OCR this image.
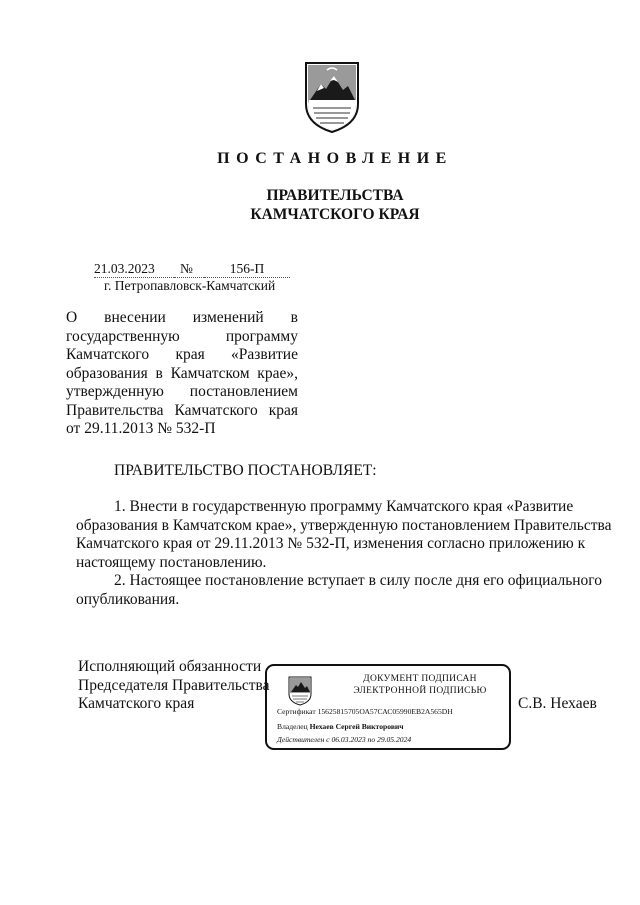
ПОСТАНОВЛЕНИЕ
ПРАВИТЕЛЬСТВА
КАМЧАТСКОГО КРАЯ
21.03.2023 №	156-П
г. Петропавловск-Камчатский
О внесении изменений в
государственную	программу
Камчатского края «Развитие
образования в Камчатском крае»,
утвержденную постановлением
Правительства Камчатского края
от 29.11.2013 № 532-П
ПРАВИТЕЛЬСТВО ПОСТАНОВЛЯЕТ:
1. Внести в государственную программу Камчатского края «Развитие
образования в Камчатском крае», утвержденную постановлением Правительства
Камчатского края от 29.11.2013 № 532-П, изменения согласно приложению к
настоящему постановлению.
2. Настоящее постановление вступает в силу после дня его официального
опубликования.
Исполняющий обязанности
Председателя Правительства
Камчатского края
ДОКУМЕНТ ПОДПИСАН
ЭЛЕКТРОННОЙ ПОДПИСЬЮ
Сертификат 15625815705ОА57САС05990ЕВ2А565DH
Владелец Нехаев Сергей Викторович
Действителен с 06.03.2023 по 29.05.2024
С.В. Нехаев
